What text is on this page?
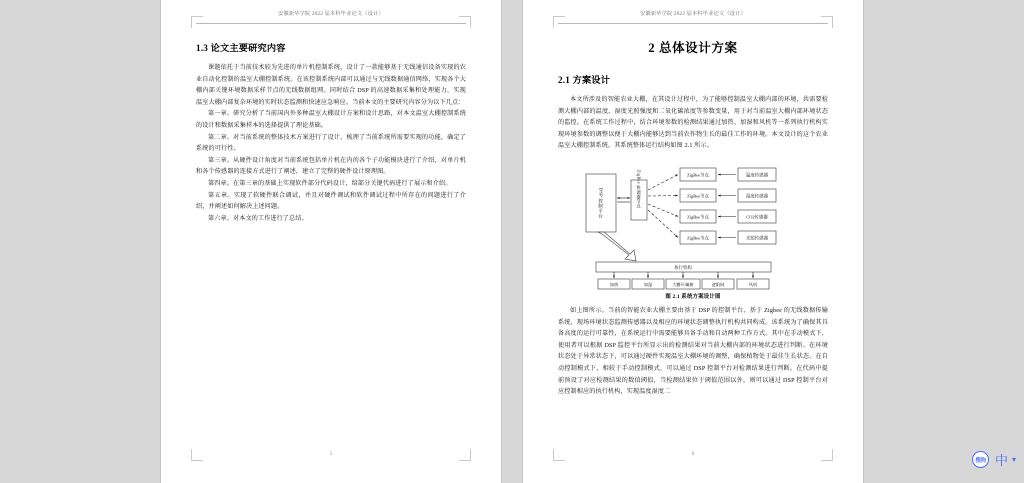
安徽新华学院 2022 届本科毕业论文（设计）
1.3 论文主要研究内容

课题依托于当前技术较为先进的单片机控制系统，设计了一款能够基于无线通信设备实现的农业自动化控制的温室大棚控制系统。在该控制系统内部可以通过与无线数据通信网络，实现各个大棚内部关键环境数据采样节点的无线数据组网。同时结合 DSP 的高速数据采集和处理能力，实现温室大棚内部复杂环境的实时状态监测和快速应急响应。当前本文的主要研究内容分为以下几点：

第一章。研究分析了当前国内外多种温室大棚设计方案和设计思路，对本文温室大棚控制系统的设计和数据采集样本的选择提供了理论基础。

第二章。对当前系统的整体技术方案进行了设计，梳理了当前系统所需要实现的功能，确定了系统的可行性。

第三章。从硬件设计角度对当前系统包括单片机在内的各个子功能模块进行了介绍，对单片机和各个传感器的连接方式进行了阐述，建立了完整的硬件设计原理图。

第四章。在第三章的基础上实现软件部分代码设计，给部分关键代码进行了展示和介绍。

第五章。实现了软硬件联合调试，并且对硬件调试和软件调试过程中所存在的问题进行了介绍，并阐述如何解决上述问题。

第六章。对本文的工作进行了总结。

5
安徽新华学院 2022 届本科毕业论文（设计）
2 总体设计方案
2.1 方案设计

本文所涉及的智能农业大棚，在其设计过程中，为了能够控制温室大棚内部的环境，共需要检测大棚内部的温度、湿度光照强度和二氧化碳浓度等参数变量，用于对当前温室大棚内部环境状态的监控。在系统工作过程中，结合环境参数的检测结果通过加热、加湿和风机等一系列执行机构实现环境参数的调整以便于大棚内能够达到当前农作物生长的最佳工作的环境。本文设计的这个农业温室大棚控制系统，其系统整体运行结构如图 2.1 所示。

DSP 控制平台	ZigBee 协调器节点	ZigBee节点
ZigBee节点
ZigBee节点
ZigBee节点
温度传感器
湿度传感器
CO2传感器
光照传感器
执行机构
加热	加湿	大棚开/阖窗	遮阳网	风机
图 2.1 系统方案设计图

如上图所示。当前的智能农业大棚主要由基于 DSP 的控制平台、基于 Zigbee 的无线数据传输系统、现场环境状态监测传感器以及相应的环境状态调整执行机构共同构成。该系统为了确保其具备高度的运行可靠性，在系统运行中需要能够具备手动和自动两种工作方式。其中在手动模式下，使用者可以根据 DSP 监控平台所显示出的检测结果对当前大棚内部的环境状态进行判断。在环境状态处于异常状态下，可以通过硬件实现温室大棚环境的调整，确保植物处于最佳生长状态。在自动控制模式下，相较于手动控制模式，可以通过 DSP 控制平台对检测结果进行判断。在代码中提前预设了对应检测结果的数值阈值，当检测结果位于阈值范围以外，则可以通过 DSP 控制平台对应控制相应的执行机构，实现温度湿度二

6
搜狗 中 ▾
